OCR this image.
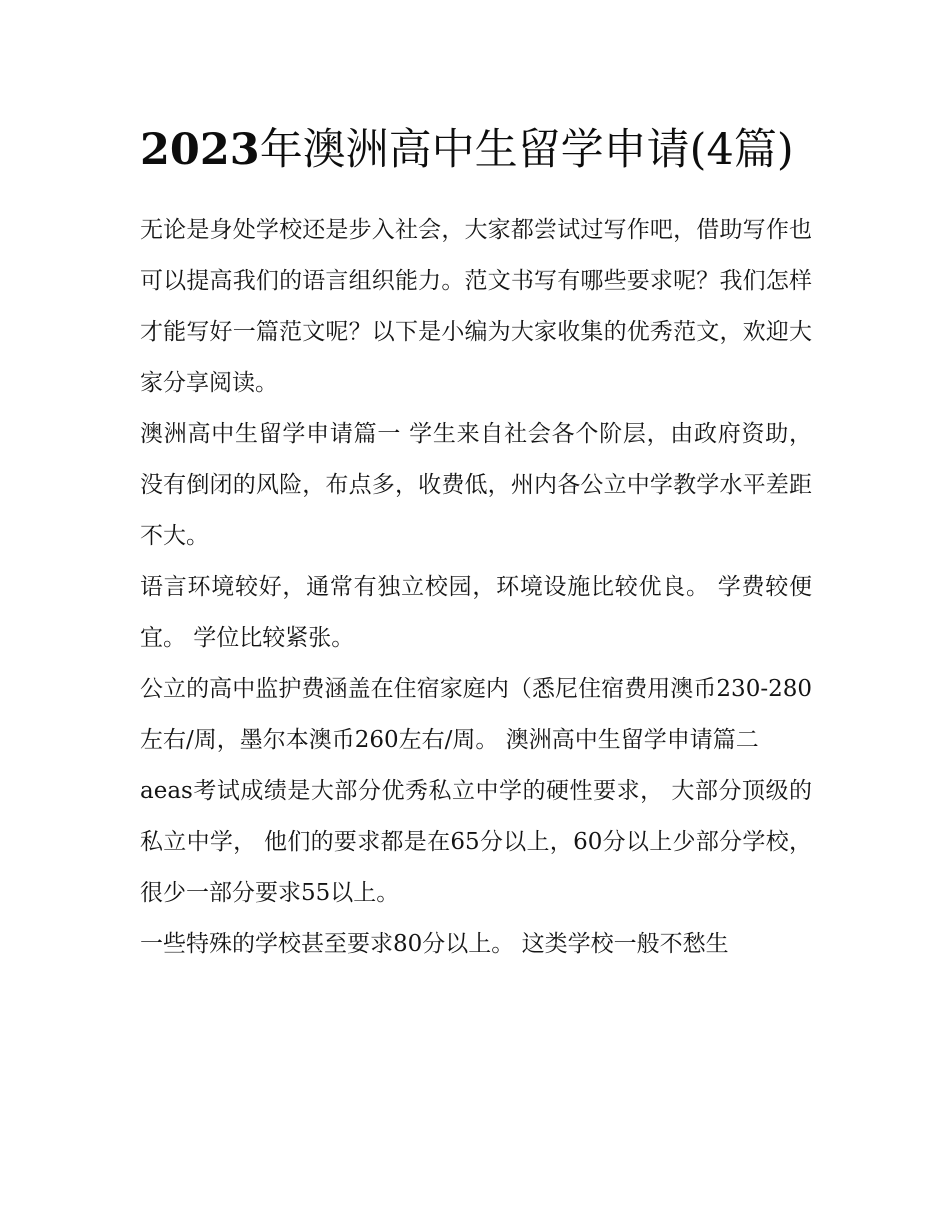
2023年澳洲高中生留学申请(4篇)

无论是身处学校还是步入社会，大家都尝试过写作吧，借助写作也可以提高我们的语言组织能力。范文书写有哪些要求呢？我们怎样才能写好一篇范文呢？以下是小编为大家收集的优秀范文，欢迎大家分享阅读。

澳洲高中生留学申请篇一 学生来自社会各个阶层，由政府资助，没有倒闭的风险，布点多，收费低，州内各公立中学教学水平差距不大。

语言环境较好，通常有独立校园，环境设施比较优良。 学费较便宜。 学位比较紧张。

公立的高中监护费涵盖在住宿家庭内（悉尼住宿费用澳币230-280左右/周，墨尔本澳币260左右/周。 澳洲高中生留学申请篇二

aeas考试成绩是大部分优秀私立中学的硬性要求， 大部分顶级的私立中学， 他们的要求都是在65分以上，60分以上少部分学校，很少一部分要求55以上。

一些特殊的学校甚至要求80分以上。 这类学校一般不愁生
